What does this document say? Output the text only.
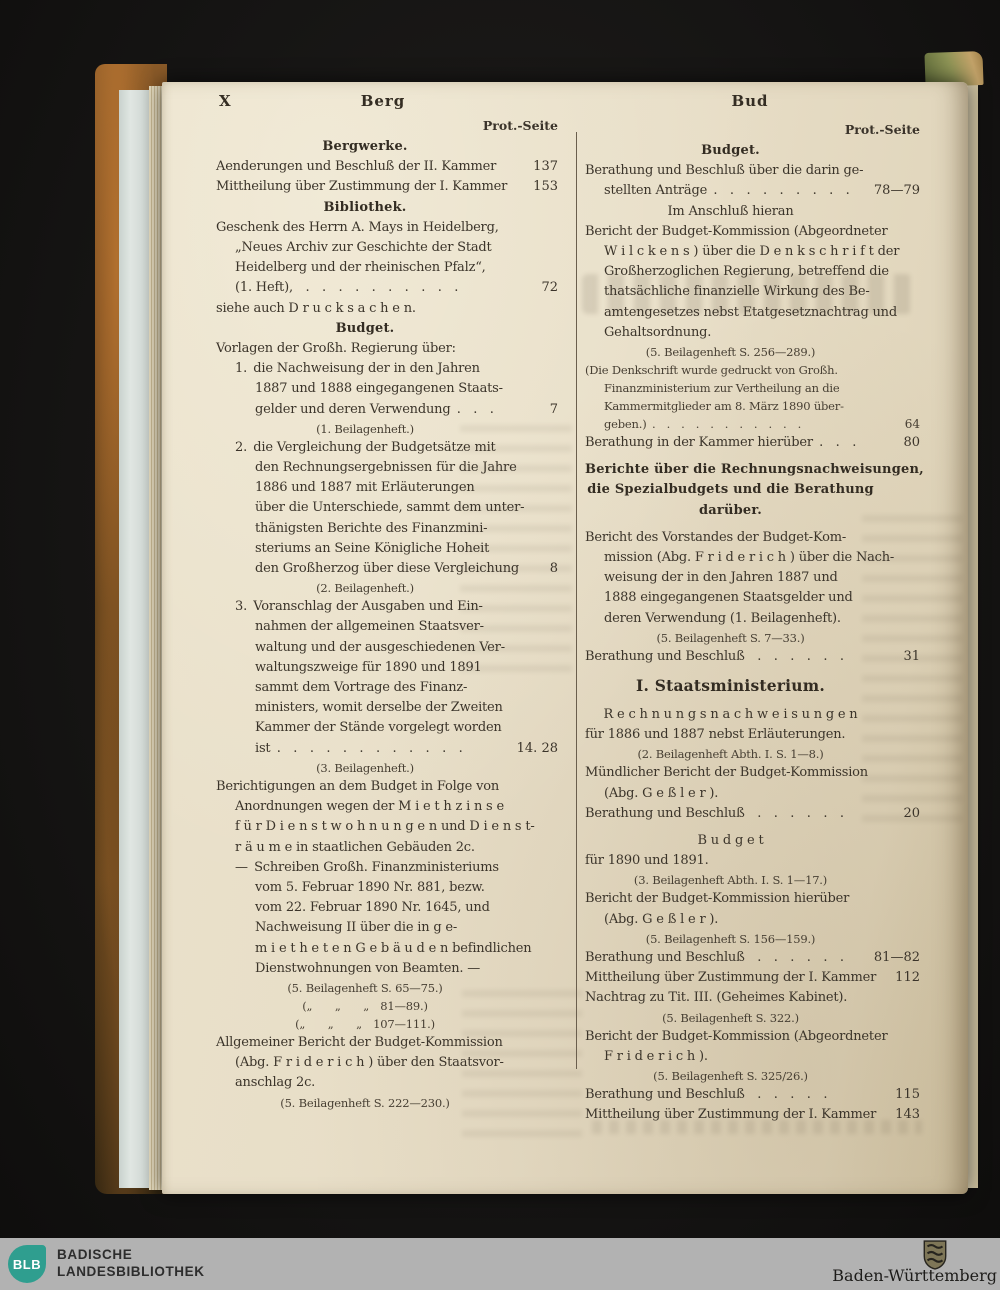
X	Berg	Bud
Prot.-Seite
Bergwerke.
Aenderungen und Beschluß der II. Kammer	137
Mittheilung über Zustimmung der I. Kammer 153
Bibliothek.
Geschenk des Herrn A. Mays in Heidelberg,
„Neues Archiv zur Geschichte der Stadt
Heidelberg und der rheinischen Pfalz“,
(1. Heft),  .  .  .  .  .  .  .  .  .  .	72
siehe auch D r u c k s a c h e n.
Budget.
Vorlagen der Großh. Regierung über:
1. die Nachweisung der in den Jahren
1887 und 1888 eingegangenen Staats-
gelder und deren Verwendung .  .  .	7
(1. Beilagenheft.)
2. die Vergleichung der Budgetsätze mit
den Rechnungsergebnissen für die Jahre
1886 und 1887 mit Erläuterungen
über die Unterschiede, sammt dem unter-
thänigsten Berichte des Finanzmini-
steriums an Seine Königliche Hoheit
den Großherzog über diese Vergleichung 8
(2. Beilagenheft.)
3. Voranschlag der Ausgaben und Ein-
nahmen der allgemeinen Staatsver-
waltung und der ausgeschiedenen Ver-
waltungszweige für 1890 und 1891
sammt dem Vortrage des Finanz-
ministers, womit derselbe der Zweiten
Kammer der Stände vorgelegt worden
ist .  .  .  .  .  .  .  .  .  .  .  .	14. 28
(3. Beilagenheft.)
Berichtigungen an dem Budget in Folge von
Anordnungen wegen der M i e t h z i n s e
f ü r D i e n s t w o h n u n g e n und D i e n s t-
r ä u m e in staatlichen Gebäuden 2c.
— Schreiben Großh. Finanzministeriums
vom 5. Februar 1890 Nr. 881, bezw.
vom 22. Februar 1890 Nr. 1645, und
Nachweisung II über die in g e-
m i e t h e t e n G e b ä u d e n befindlichen
Dienstwohnungen von Beamten. —
(5. Beilagenheft S. 65—75.)
(„  „  „ 81—89.)
(„  „  „ 107—111.)
Allgemeiner Bericht der Budget-Kommission
(Abg. F r i d e r i c h ) über den Staatsvor-
anschlag 2c.
(5. Beilagenheft S. 222—230.)
Prot.-Seite
Budget.
Berathung und Beschluß über die darin ge-
stellten Anträge .  .  .  .  .  .  .  .  . 78—79
Im Anschluß hieran
Bericht der Budget-Kommission (Abgeordneter
W i l c k e n s ) über die D e n k s c h r i f t der
Großherzoglichen Regierung, betreffend die
thatsächliche finanzielle Wirkung des Be-
amtengesetzes nebst Etatgesetznachtrag und
Gehaltsordnung.
(5. Beilagenheft S. 256—289.)
(Die Denkschrift wurde gedruckt von Großh.
Finanzministerium zur Vertheilung an die
Kammermitglieder am 8. März 1890 über-
geben.) .  .  .  .  .  .  .  .  .  .  .	64
Berathung in der Kammer hierüber .  .  .	80
Berichte über die Rechnungsnachweisungen,
die Spezialbudgets und die Berathung
darüber.
Bericht des Vorstandes der Budget-Kom-
mission (Abg. F r i d e r i c h ) über die Nach-
weisung der in den Jahren 1887 und
1888 eingegangenen Staatsgelder und
deren Verwendung (1. Beilagenheft).
(5. Beilagenheft S. 7—33.)
Berathung und Beschluß  .  .  .  .  .  .	31
I. Staatsministerium.
R e c h n u n g s n a c h w e i s u n g e n
für 1886 und 1887 nebst Erläuterungen.
(2. Beilagenheft Abth. I. S. 1—8.)
Mündlicher Bericht der Budget-Kommission
(Abg. G e ß l e r ).
Berathung und Beschluß  .  .  .  .  .  .	20
B u d g e t
für 1890 und 1891.
(3. Beilagenheft Abth. I. S. 1—17.)
Bericht der Budget-Kommission hierüber
(Abg. G e ß l e r ).
(5. Beilagenheft S. 156—159.)
Berathung und Beschluß  .  .  .  .  .  . 81—82
Mittheilung über Zustimmung der I. Kammer 112
Nachtrag zu Tit. III. (Geheimes Kabinet).
(5. Beilagenheft S. 322.)
Bericht der Budget-Kommission (Abgeordneter
F r i d e r i c h ).
(5. Beilagenheft S. 325/26.)
Berathung und Beschluß  .  .  .  .  .	115
Mittheilung über Zustimmung der I. Kammer 143
BLB
BADISCHE
LANDESBIBLIOTHEK	Baden-Württemberg
